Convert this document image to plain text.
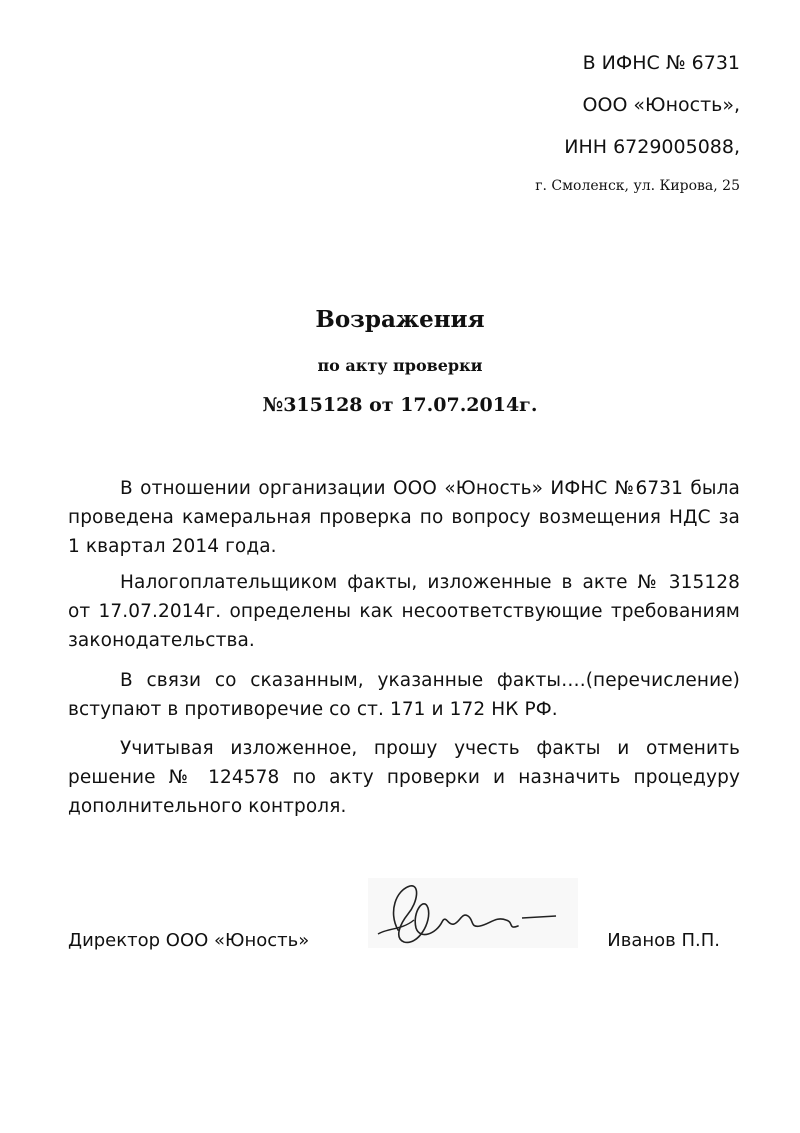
В ИФНС № 6731
ООО «Юность»,
ИНН 6729005088,
г. Смоленск, ул. Кирова, 25
Возражения
по акту проверки
№315128 от 17.07.2014г.
В отношении организации ООО «Юность» ИФНС №6731 была проведена камеральная проверка по вопросу возмещения НДС за 1 квартал 2014 года.
Налогоплательщиком факты, изложенные в акте № 315128 от 17.07.2014г. определены как несоответствующие требованиям законодательства.
В связи со сказанным, указанные факты….(перечисление) вступают в противоречие со ст. 171 и 172 НК РФ.
Учитывая изложенное, прошу учесть факты и отменить решение № 124578 по акту проверки и назначить процедуру дополнительного контроля.
Директор ООО «Юность»	Иванов П.П.
